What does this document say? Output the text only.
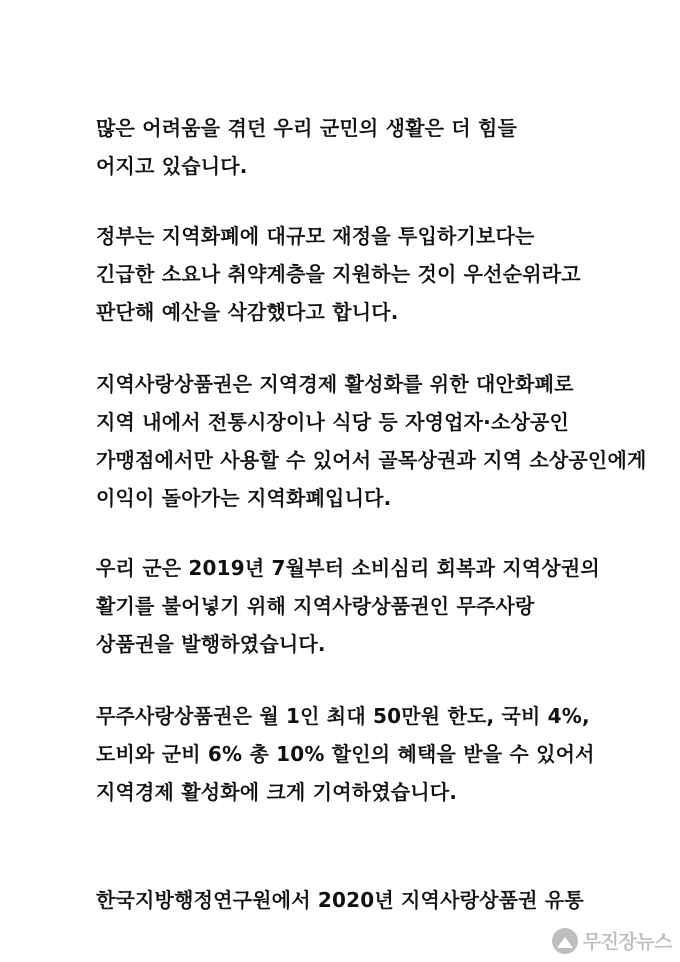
많은 어려움을 겪던 우리 군민의 생활은 더 힘들
어지고 있습니다.
정부는 지역화폐에 대규모 재정을 투입하기보다는
긴급한 소요나 취약계층을 지원하는 것이 우선순위라고
판단해 예산을 삭감했다고 합니다.
지역사랑상품권은 지역경제 활성화를 위한 대안화폐로
지역 내에서 전통시장이나 식당 등 자영업자·소상공인
가맹점에서만 사용할 수 있어서 골목상권과 지역 소상공인에게
이익이 돌아가는 지역화폐입니다.
우리 군은 2019년 7월부터 소비심리 회복과 지역상권의
활기를 불어넣기 위해 지역사랑상품권인 무주사랑
상품권을 발행하였습니다.
무주사랑상품권은 월 1인 최대 50만원 한도, 국비 4%,
도비와 군비 6% 총 10% 할인의 혜택을 받을 수 있어서
지역경제 활성화에 크게 기여하였습니다.
한국지방행정연구원에서 2020년 지역사랑상품권 유통
무진장뉴스
